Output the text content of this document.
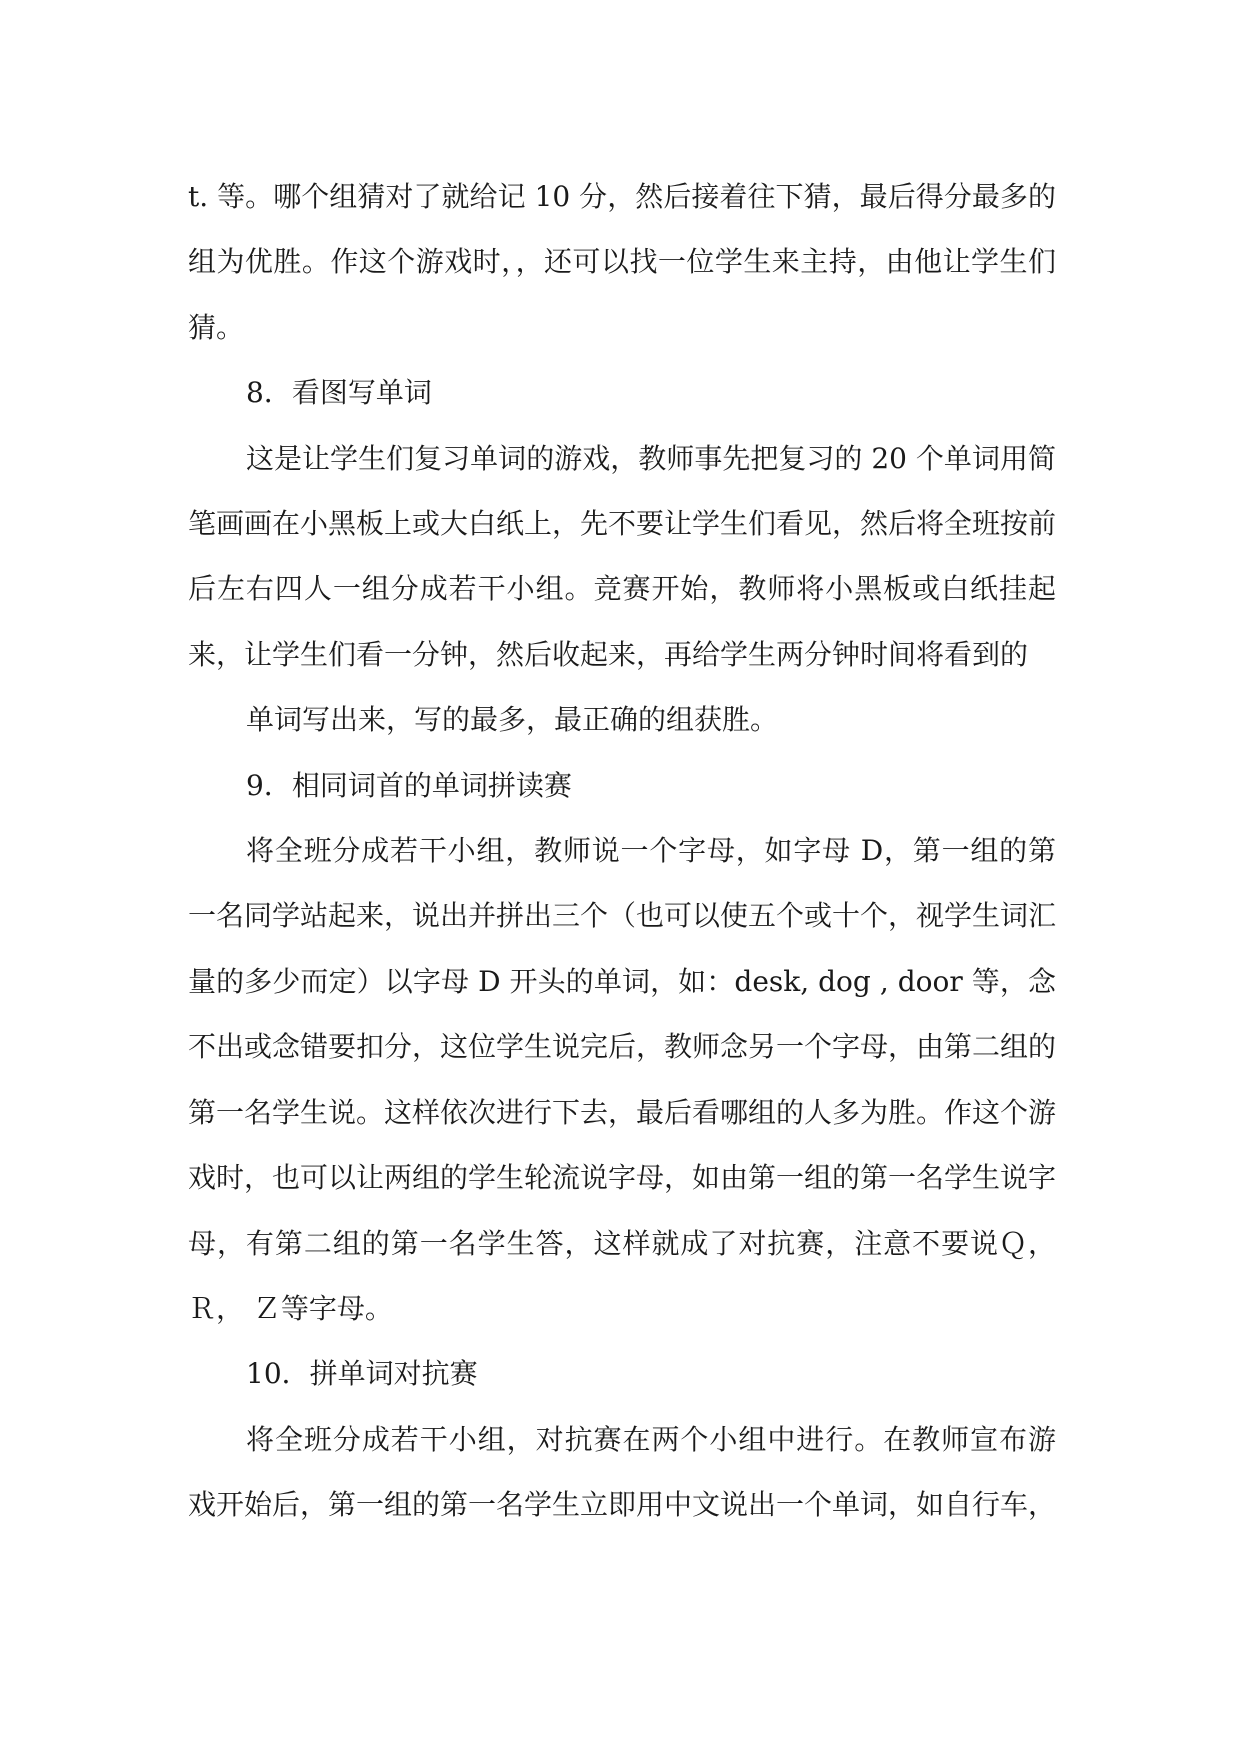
t. 等。哪个组猜对了就给记 10 分，然后接着往下猜，最后得分最多的组为优胜。作这个游戏时，，还可以找一位学生来主持，由他让学生们猜。

8．看图写单词

这是让学生们复习单词的游戏，教师事先把复习的 20 个单词用简笔画画在小黑板上或大白纸上，先不要让学生们看见，然后将全班按前后左右四人一组分成若干小组。竞赛开始，教师将小黑板或白纸挂起来，让学生们看一分钟，然后收起来，再给学生两分钟时间将看到的

单词写出来，写的最多，最正确的组获胜。

9．相同词首的单词拼读赛

将全班分成若干小组，教师说一个字母，如字母 D，第一组的第一名同学站起来，说出并拼出三个（也可以使五个或十个，视学生词汇量的多少而定）以字母 D 开头的单词，如：desk, dog , door 等，念不出或念错要扣分，这位学生说完后，教师念另一个字母，由第二组的第一名学生说。这样依次进行下去，最后看哪组的人多为胜。作这个游戏时，也可以让两组的学生轮流说字母，如由第一组的第一名学生说字母，有第二组的第一名学生答，这样就成了对抗赛，注意不要说Ｑ， Ｒ， Ｚ等字母。

10．拼单词对抗赛

将全班分成若干小组，对抗赛在两个小组中进行。在教师宣布游戏开始后，第一组的第一名学生立即用中文说出一个单词，如自行车，
